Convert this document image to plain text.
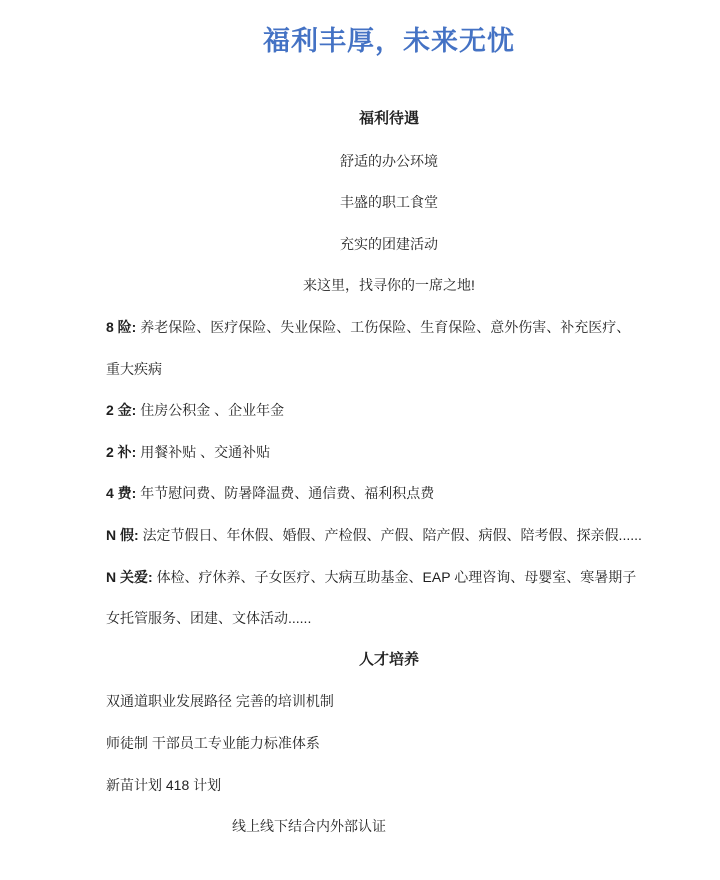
福利丰厚，未来无忧
福利待遇
舒适的办公环境
丰盛的职工食堂
充实的团建活动
来这里，找寻你的一席之地!
8 险: 养老保险、医疗保险、失业保险、工伤保险、生育保险、意外伤害、补充医疗、
重大疾病
2 金: 住房公积金 、企业年金
2 补: 用餐补贴 、交通补贴
4 费: 年节慰问费、防暑降温费、通信费、福利积点费
N 假: 法定节假日、年休假、婚假、产检假、产假、陪产假、病假、陪考假、探亲假......
N 关爱: 体检、疗休养、子女医疗、大病互助基金、EAP 心理咨询、母婴室、寒暑期子
女托管服务、团建、文体活动......
人才培养
双通道职业发展路径 完善的培训机制
师徒制 干部员工专业能力标准体系
新苗计划 418 计划
线上线下结合内外部认证
